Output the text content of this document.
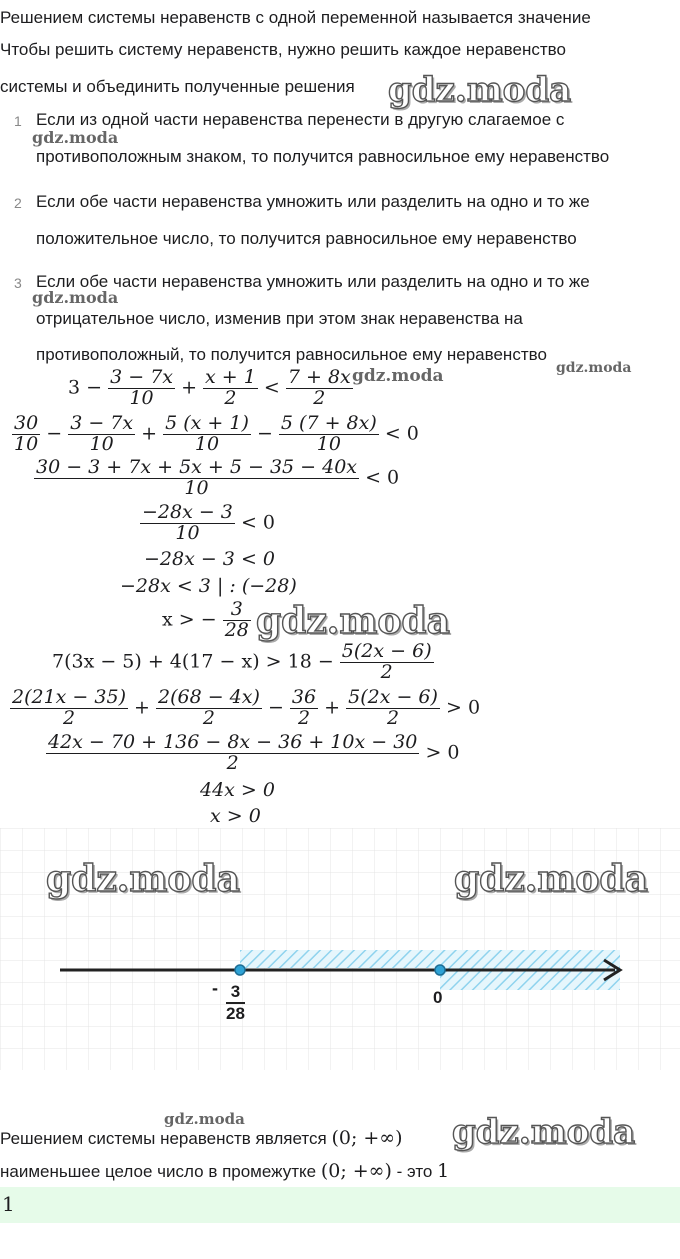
Решением системы неравенств с одной переменной называется значение
Чтобы решить систему неравенств, нужно решить каждое неравенство
системы и объединить полученные решения gdz.moda
1 Если из одной части неравенства перенести в другую слагаемое с
gdz.moda
противоположным знаком, то получится равносильное ему неравенство
2 Если обе части неравенства умножить или разделить на одно и то же
положительное число, то получится равносильное ему неравенство
3 Если обе части неравенства умножить или разделить на одно и то же
gdz.moda
отрицательное число, изменив при этом знак неравенства на
противоположный, то получится равносильное ему неравенство
$3 - \frac{3 - 7x}{10} + \frac{x + 1}{2} < \frac{7 + 8x}{2}$ gdz.moda	gdz.moda
$\frac{30}{10} - \frac{3 - 7x}{10} + \frac{5 (x + 1)}{10} - \frac{5 (7 + 8x)}{10} < 0$
$\frac{30 - 3 + 7x + 5x + 5 - 35 - 40x}{10} < 0$
$\frac{-28x - 3}{10} < 0$
−28x − 3 < 0
−28x < 3 | : (−28)
x > − $\frac{3}{28}$ gdz.moda
$7(3x - 5) + 4(17 - x) > 18 - \frac{5(2x - 6)}{2}$
$\frac{2(21x - 35)}{2} + \frac{2(68 - 4x)}{2} - \frac{36}{2} + \frac{5(2x - 6)}{2} > 0$
$\frac{42x - 70 + 136 - 8x - 36 + 10x - 30}{2} > 0$
44x > 0
x > 0
gdz.moda	gdz.moda
- 3
28
0
gdz.moda
Решением системы неравенств является (0; +∞) gdz.moda
наименьшее целое число в промежутке (0; +∞) - это 1
1
